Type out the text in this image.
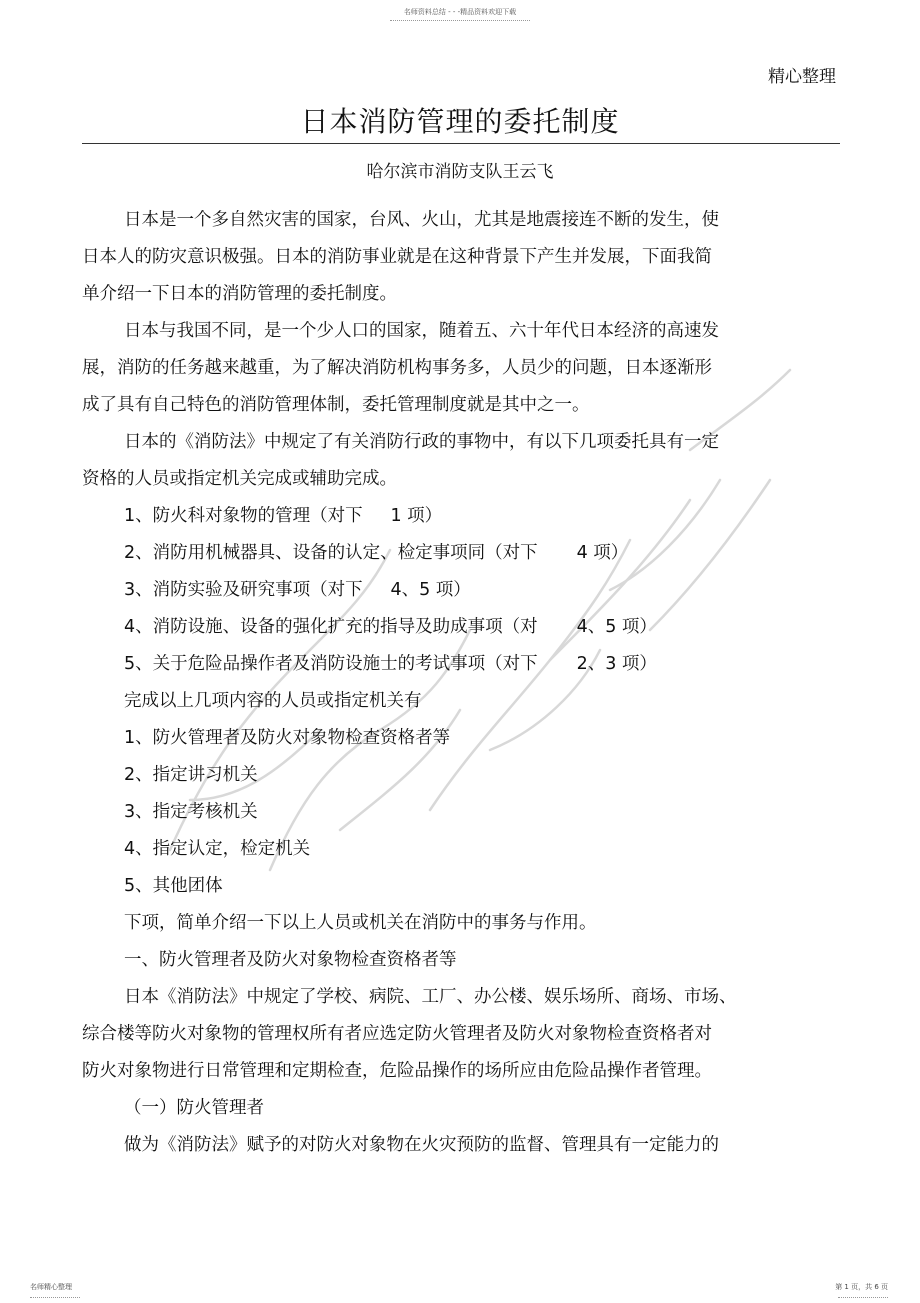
名师资料总结 - - -精品资料欢迎下载
精心整理
日本消防管理的委托制度
哈尔滨市消防支队王云飞

日本是一个多自然灾害的国家，台风、火山，尤其是地震接连不断的发生，使

日本人的防灾意识极强。日本的消防事业就是在这种背景下产生并发展，下面我简

单介绍一下日本的消防管理的委托制度。

日本与我国不同，是一个少人口的国家，随着五、六十年代日本经济的高速发

展，消防的任务越来越重，为了解决消防机构事务多，人员少的问题，日本逐渐形

成了具有自己特色的消防管理体制，委托管理制度就是其中之一。

日本的《消防法》中规定了有关消防行政的事物中，有以下几项委托具有一定

资格的人员或指定机关完成或辅助完成。

1、防火科对象物的管理（对下     1 项）

2、消防用机械器具、设备的认定、检定事项同（对下       4 项）

3、消防实验及研究事项（对下     4、5 项）

4、消防设施、设备的强化扩充的指导及助成事项（对       4、5 项）

5、关于危险品操作者及消防设施士的考试事项（对下       2、3 项）

完成以上几项内容的人员或指定机关有

1、防火管理者及防火对象物检查资格者等

2、指定讲习机关

3、指定考核机关

4、指定认定，检定机关

5、其他团体

下项，简单介绍一下以上人员或机关在消防中的事务与作用。

一、防火管理者及防火对象物检查资格者等

日本《消防法》中规定了学校、病院、工厂、办公楼、娱乐场所、商场、市场、

综合楼等防火对象物的管理权所有者应选定防火管理者及防火对象物检查资格者对

防火对象物进行日常管理和定期检查，危险品操作的场所应由危险品操作者管理。

（一）防火管理者

做为《消防法》赋予的对防火对象物在火灾预防的监督、管理具有一定能力的

名师精心整理	第 1 页，共 6 页
